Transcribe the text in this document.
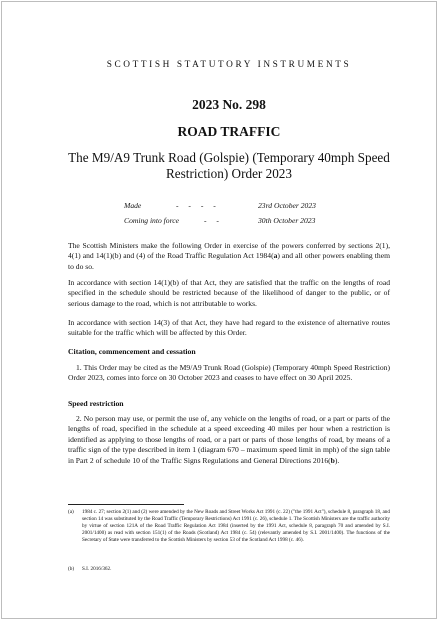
SCOTTISH STATUTORY INSTRUMENTS
2023 No. 298
ROAD TRAFFIC
The M9/A9 Trunk Road (Golspie) (Temporary 40mph Speed Restriction) Order 2023
Made	- - - -	23rd October 2023
Coming into force	- -	30th October 2023
The Scottish Ministers make the following Order in exercise of the powers conferred by sections 2(1), 4(1) and 14(1)(b) and (4) of the Road Traffic Regulation Act 1984(a) and all other powers enabling them to do so.
In accordance with section 14(1)(b) of that Act, they are satisfied that the traffic on the lengths of road specified in the schedule should be restricted because of the likelihood of danger to the public, or of serious damage to the road, which is not attributable to works.
In accordance with section 14(3) of that Act, they have had regard to the existence of alternative routes suitable for the traffic which will be affected by this Order.
Citation, commencement and cessation
1. This Order may be cited as the M9/A9 Trunk Road (Golspie) (Temporary 40mph Speed Restriction) Order 2023, comes into force on 30 October 2023 and ceases to have effect on 30 April 2025.
Speed restriction
2. No person may use, or permit the use of, any vehicle on the lengths of road, or a part or parts of the lengths of road, specified in the schedule at a speed exceeding 40 miles per hour when a restriction is identified as applying to those lengths of road, or a part or parts of those lengths of road, by means of a traffic sign of the type described in item 1 (diagram 670 – maximum speed limit in mph) of the sign table in Part 2 of schedule 10 of the Traffic Signs Regulations and General Directions 2016(b).
(a) 1984 c. 27; section 2(1) and (2) were amended by the New Roads and Street Works Act 1991 (c. 22) ("the 1991 Act"), schedule 8, paragraph 18, and section 14 was substituted by the Road Traffic (Temporary Restrictions) Act 1991 (c. 26), schedule 1. The Scottish Ministers are the traffic authority by virtue of section 121A of the Road Traffic Regulation Act 1984 (inserted by the 1991 Act, schedule 8, paragraph 70 and amended by S.I. 2001/1400) as read with section 151(1) of the Roads (Scotland) Act 1984 (c. 54) (relevantly amended by S.I. 2001/1400). The functions of the Secretary of State were transferred to the Scottish Ministers by section 53 of the Scotland Act 1998 (c. 46).
(b) S.I. 2016/362.
